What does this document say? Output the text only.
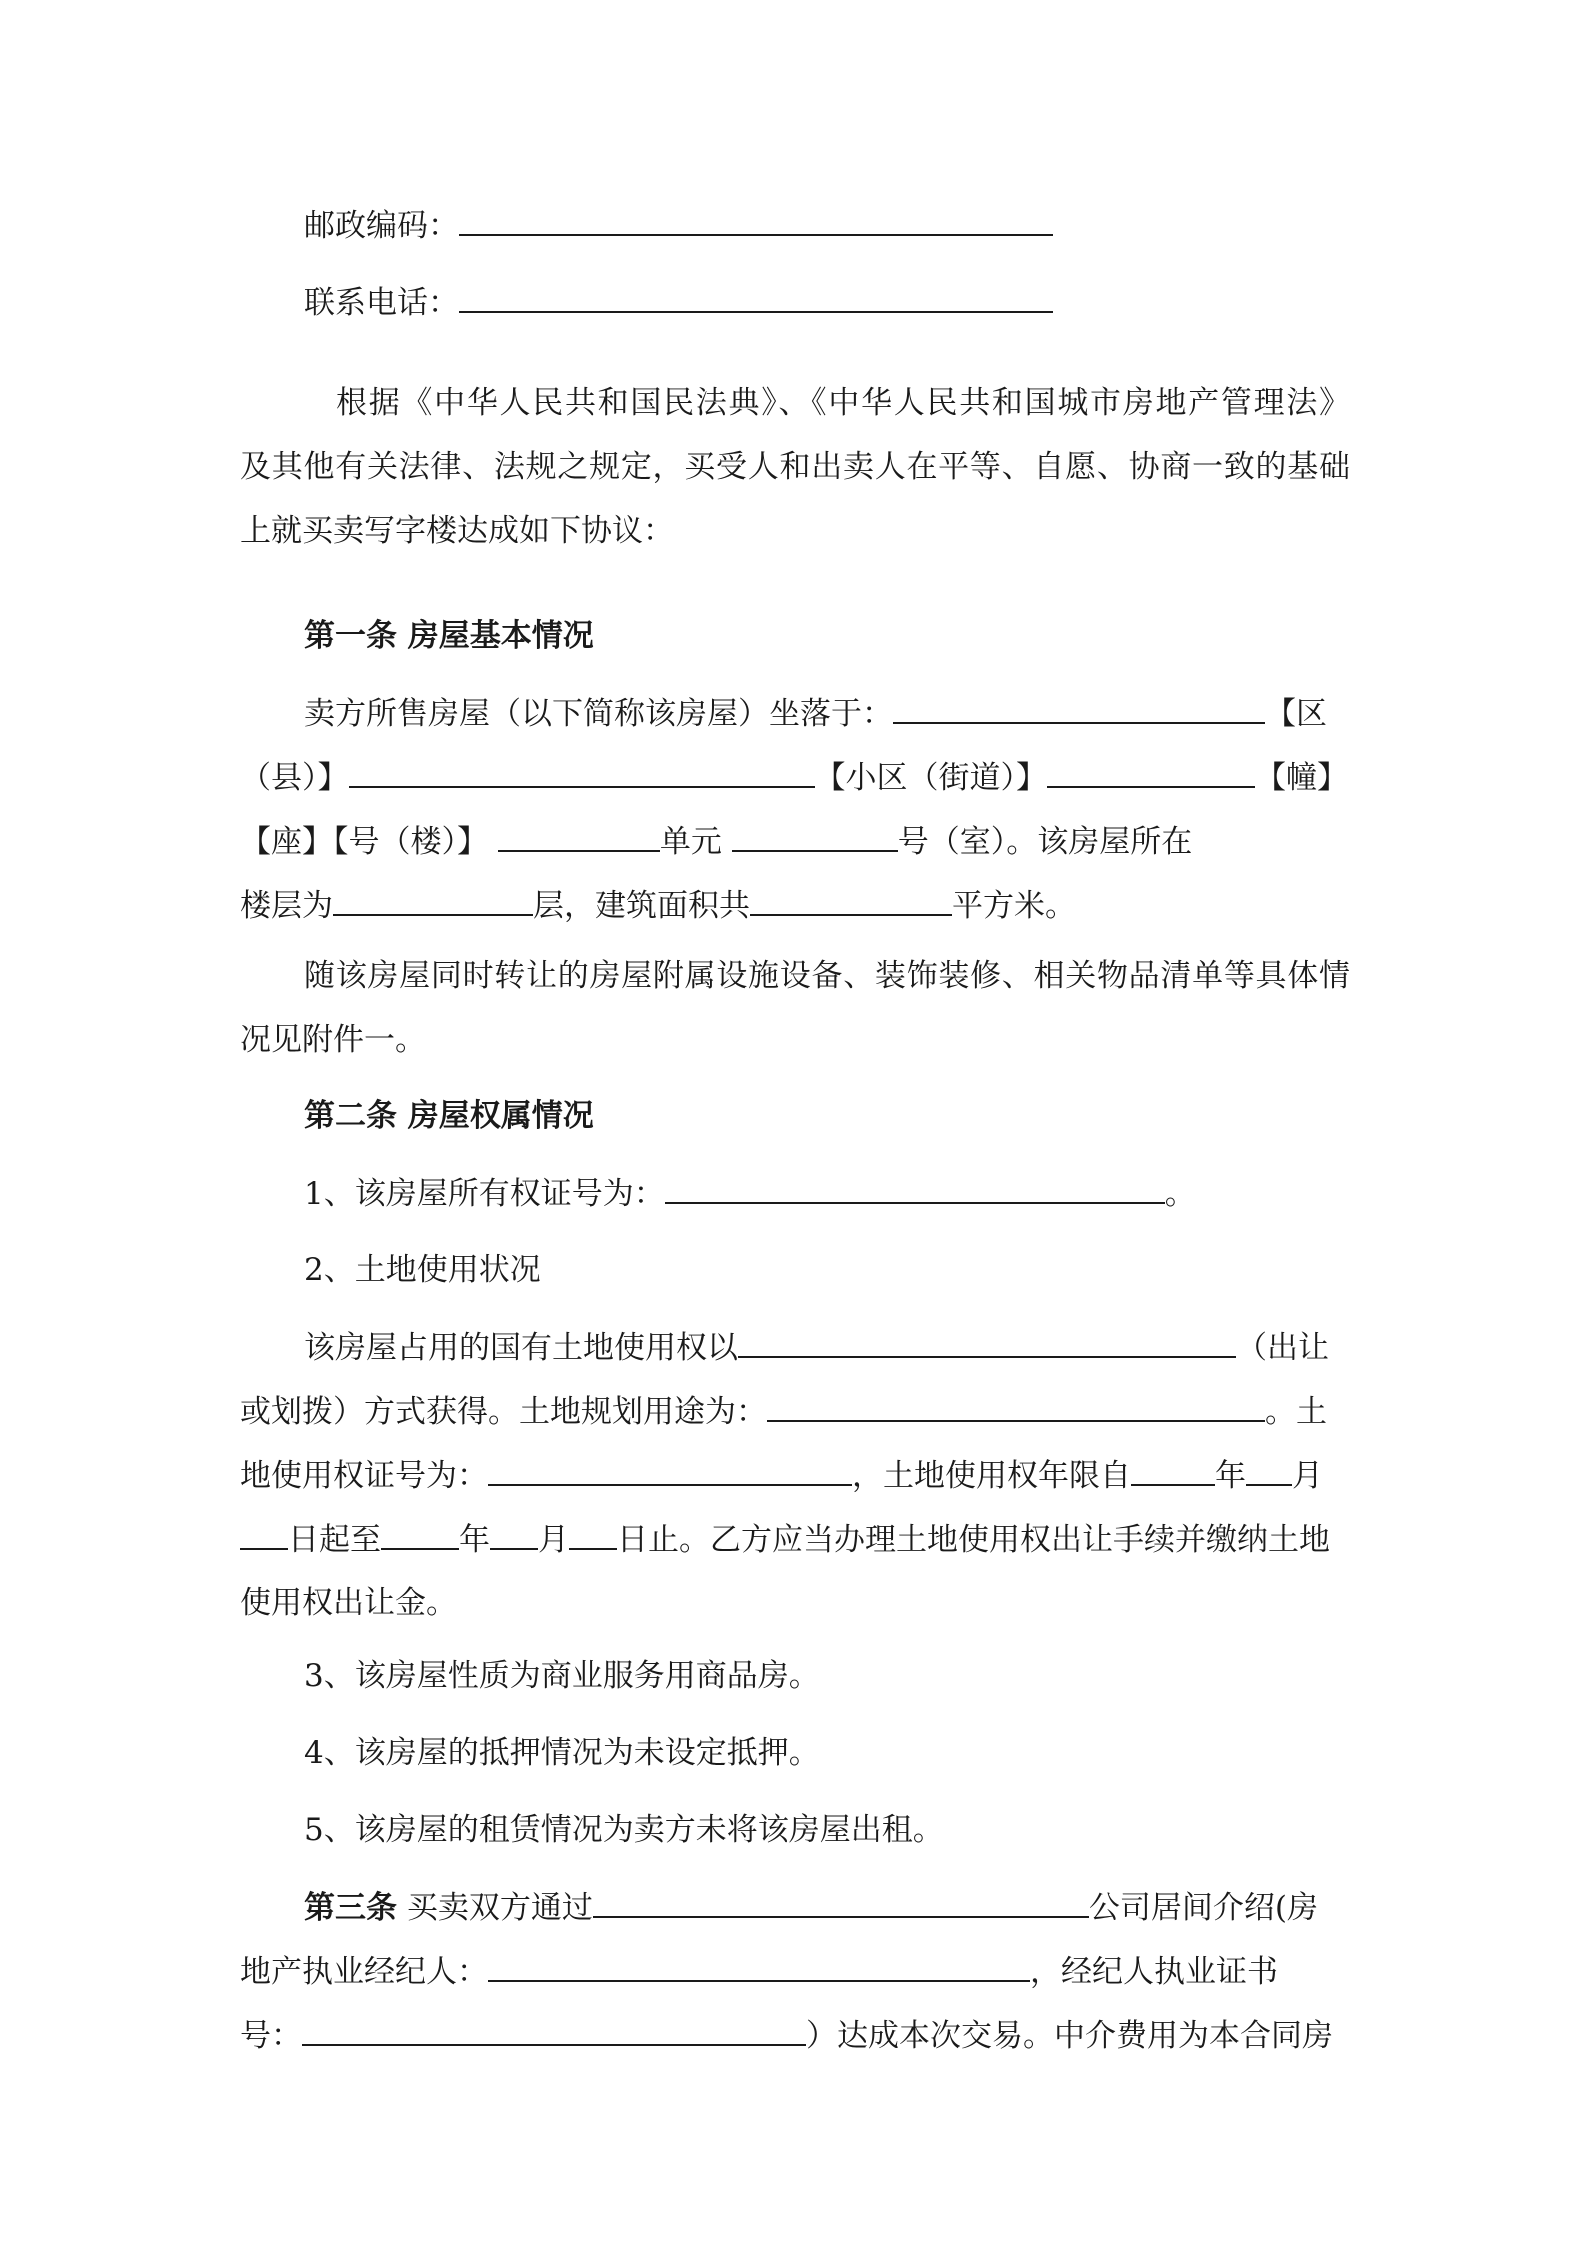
邮政编码：
联系电话：
根据《中华人民共和国民法典》、《中华人民共和国城市房地产管理法》
及其他有关法律、法规之规定，买受人和出卖人在平等、自愿、协商一致的基础
上就买卖写字楼达成如下协议：
第一条 房屋基本情况
卖方所售房屋（以下简称该房屋）坐落于：	【区
（县）】	【小区（街道）】	【幢】
【座】【号（楼）】	单元	号（室）。该房屋所在
楼层为	层，建筑面积共	平方米。
随该房屋同时转让的房屋附属设施设备、装饰装修、相关物品清单等具体情
况见附件一。
第二条 房屋权属情况
1、该房屋所有权证号为：	。
2、土地使用状况
该房屋占用的国有土地使用权以	（出让
或划拨）方式获得。土地规划用途为：	。土
地使用权证号为：	，土地使用权年限自	年 月
日起至	年 月 日止。乙方应当办理土地使用权出让手续并缴纳土地
使用权出让金。
3、该房屋性质为商业服务用商品房。
4、该房屋的抵押情况为未设定抵押。
5、该房屋的租赁情况为卖方未将该房屋出租。
第三条 买卖双方通过	公司居间介绍(房
地产执业经纪人：	，经纪人执业证书
号：	）达成本次交易。中介费用为本合同房
